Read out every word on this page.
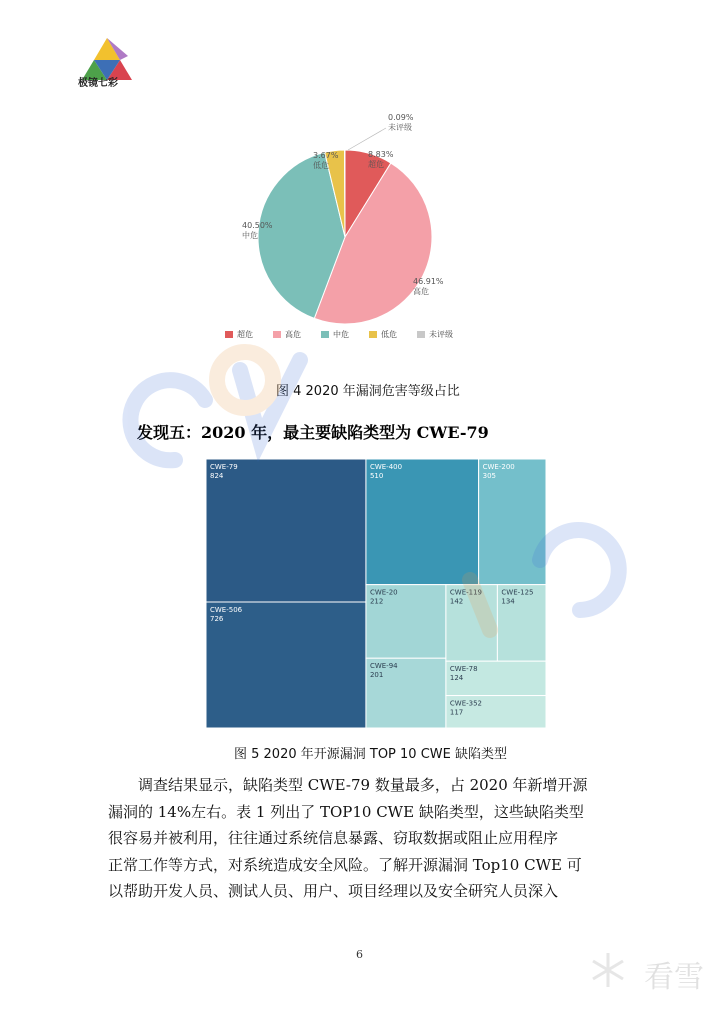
极镜七彩
8.83%
超危
46.91%
高危
40.50%
中危
3.67%
低危
0.09%
未评级
超危	高危	中危	低危	未评级
图 4 2020 年漏洞危害等级占比
发现五：2020 年，最主要缺陷类型为 CWE-79
CWE-79
824
CWE-506
726
CWE-400
510
CWE-200
305
CWE-20
212
CWE-94
201
CWE-119
142
CWE-125
134
CWE-78
124
CWE-352
117
图 5 2020 年开源漏洞 TOP 10 CWE 缺陷类型
调查结果显示，缺陷类型 CWE-79 数量最多，占 2020 年新增开源
漏洞的 14%左右。表 1 列出了 TOP10 CWE 缺陷类型，这些缺陷类型
很容易并被利用，往往通过系统信息暴露、窃取数据或阻止应用程序
正常工作等方式，对系统造成安全风险。了解开源漏洞 Top10 CWE 可
以帮助开发人员、测试人员、用户、项目经理以及安全研究人员深入
6
看雪
